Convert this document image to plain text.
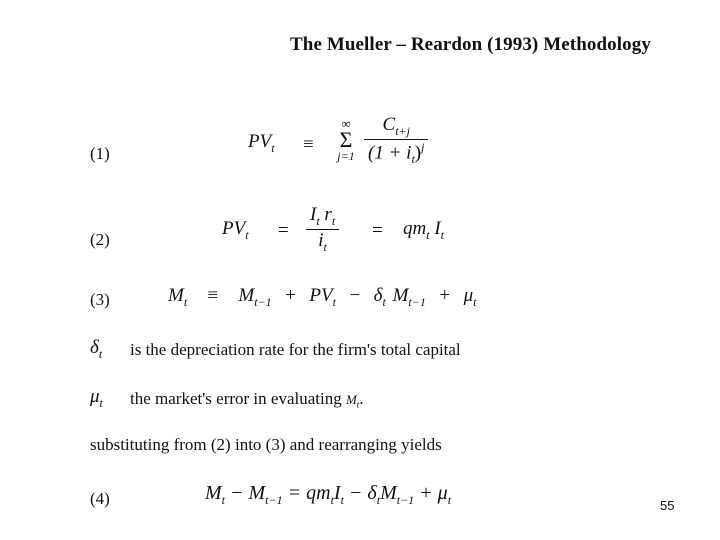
The Mueller – Reardon (1993) Methodology
(1)
$PV_t$ ≡
∞
Σ
$j=1 \frac{C_{t+j}}{(1 + i_t)^j}$
(2)
$PV_t = \frac{I_t r_t}{i_t} = qm_t$ $I_t$
(3)	$M_t \equiv M_{t-1} + PV_t - \delta_t$ $M_{t-1} + \mu_t$
$\delta_t$ is the depreciation rate for the firm's total capital
$\mu_t$ the market's error in evaluating $M_t$.
substituting from (2) into (3) and rearranging yields
(4)	$M_t - M_{t-1} = qm_tI_t - \delta_tM_{t-1} + \mu_t$	55
